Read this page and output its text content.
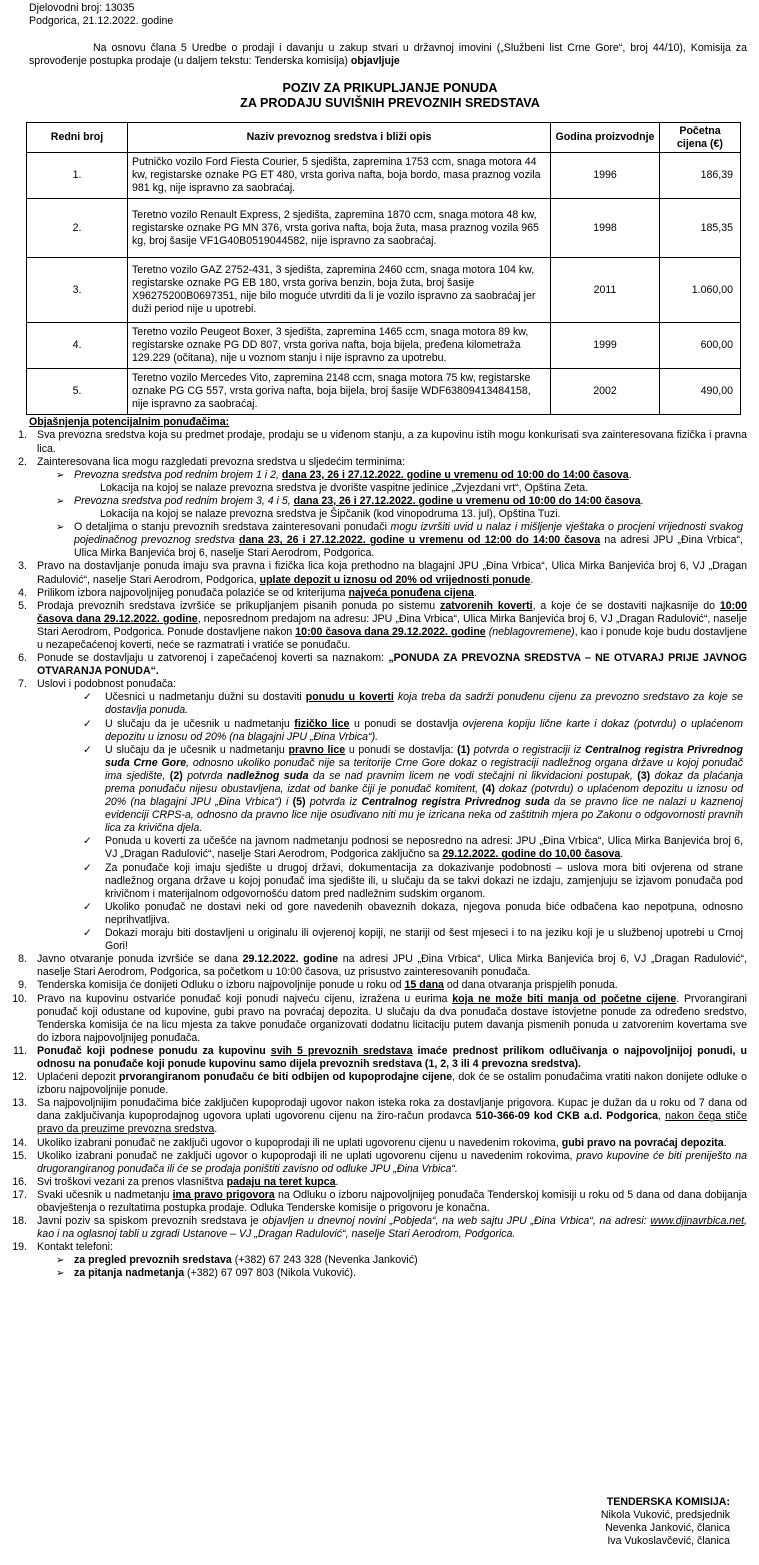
Djelovodni broj: 13035
Podgorica, 21.12.2022. godine
Na osnovu člana 5 Uredbe o prodaji i davanju u zakup stvari u državnoj imovini („Službeni list Crne Gore“, broj 44/10), Komisija za sprovođenje postupka prodaje (u daljem tekstu: Tenderska komisija) objavljuje
POZIV ZA PRIKUPLJANJE PONUDA
ZA PRODAJU SUVIŠNIH PREVOZNIH SREDSTAVA
Redni broj	Naziv prevoznog sredstva i bliži opis	Godina proizvodnje	Početna cijena (€)
1.	Putničko vozilo Ford Fiesta Courier, 5 sjedišta, zapremina 1753 ccm, snaga motora 44 kw, registarske oznake PG ET 480, vrsta goriva nafta, boja bordo, masa praznog vozila 981 kg, nije ispravno za saobraćaj.	1996	186,39
2.	Teretno vozilo Renault Express, 2 sjedišta, zapremina 1870 ccm, snaga motora 48 kw, registarske oznake PG MN 376, vrsta goriva nafta, boja žuta, masa praznog vozila 965 kg, broj šasije VF1G40B0519044582, nije ispravno za saobraćaj.	1998	185,35
3.	Teretno vozilo GAZ 2752-431, 3 sjedišta, zapremina 2460 ccm, snaga motora 104 kw, registarske oznake PG EB 180, vrsta goriva benzin, boja žuta, broj šasije X96275200B0697351, nije bilo moguće utvrditi da li je vozilo ispravno za saobraćaj jer duži period nije u upotrebi.	2011	1.060,00
4.	Teretno vozilo Peugeot Boxer, 3 sjedišta, zapremina 1465 ccm, snaga motora 89 kw, registarske oznake PG DD 807, vrsta goriva nafta, boja bijela, pređena kilometraža 129.229 (očitana), nije u voznom stanju i nije ispravno za upotrebu.	1999	600,00
5.	Teretno vozilo Mercedes Vito, zapremina 2148 ccm, snaga motora 75 kw, registarske oznake PG CG 557, vrsta goriva nafta, boja bijela, broj šasije WDF63809413484158, nije ispravno za saobraćaj.	2002	490,00
Objašnjenja potencijalnim ponuđačima:
1. Sva prevozna sredstva koja su predmet prodaje, prodaju se u viđenom stanju, a za kupovinu istih mogu konkurisati sva zainteresovana fizička i pravna lica.
2. Zainteresovana lica mogu razgledati prevozna sredstva u sljedećim terminima:
➢ Prevozna sredstva pod rednim brojem 1 i 2, dana 23, 26 i 27.12.2022. godine u vremenu od 10:00 do 14:00 časova.
Lokacija na kojoj se nalaze prevozna sredstva je dvorište vaspitne jedinice „Zvjezdani vrt“, Opština Zeta.
➢ Prevozna sredstva pod rednim brojem 3, 4 i 5, dana 23, 26 i 27.12.2022. godine u vremenu od 10:00 do 14:00 časova.
Lokacija na kojoj se nalaze prevozna sredstva je Šipčanik (kod vinopodruma 13. jul), Opština Tuzi.
➢ O detaljima o stanju prevoznih sredstava zainteresovani ponuđači mogu izvršiti uvid u nalaz i mišljenje vještaka o procjeni vrijednosti svakog pojedinačnog prevoznog sredstva dana 23, 26 i 27.12.2022. godine u vremenu od 12:00 do 14:00 časova na adresi JPU „Đina Vrbica“, Ulica Mirka Banjevića broj 6, naselje Stari Aerodrom, Podgorica.
3. Pravo na dostavljanje ponuda imaju sva pravna i fizička lica koja prethodno na blagajni JPU „Đina Vrbica“, Ulica Mirka Banjevića broj 6, VJ „Dragan Radulović“, naselje Stari Aerodrom, Podgorica, uplate depozit u iznosu od 20% od vrijednosti ponude.
4. Prilikom izbora najpovoljnijeg ponuđača polaziće se od kriterijuma najveća ponuđena cijena.
5. Prodaja prevoznih sredstava izvršiće se prikupljanjem pisanih ponuda po sistemu zatvorenih koverti, a koje će se dostaviti najkasnije do 10:00 časova dana 29.12.2022. godine, neposrednom predajom na adresu: JPU „Đina Vrbica“, Ulica Mirka Banjevića broj 6, VJ „Dragan Radulović“, naselje Stari Aerodrom, Podgorica. Ponude dostavljene nakon 10:00 časova dana 29.12.2022. godine (neblagovremene), kao i ponude koje budu dostavljene u nezapečaćenoj koverti, neće se razmatrati i vratiće se ponuđaču.
6. Ponude se dostavljaju u zatvorenoj i zapečaćenoj koverti sa naznakom: „PONUDA ZA PREVOZNA SREDSTVA – NE OTVARAJ PRIJE JAVNOG OTVARANJA PONUDA“.
7. Uslovi i podobnost ponuđača:
✓	Učesnici u nadmetanju dužni su dostaviti ponudu u koverti koja treba da sadrži ponuđenu cijenu za prevozno sredstavo za koje se dostavlja ponuda.
✓	U slučaju da je učesnik u nadmetanju fizičko lice u ponudi se dostavlja ovjerena kopiju lične karte i dokaz (potvrdu) o uplaćenom depozitu u iznosu od 20% (na blagajni JPU „Đina Vrbica“).
✓	U slučaju da je učesnik u nadmetanju pravno lice u ponudi se dostavlja: (1) potvrda o registraciji iz Centralnog registra Privrednog suda Crne Gore, odnosno ukoliko ponuđač nije sa teritorije Crne Gore dokaz o registraciji nadležnog organa države u kojoj ponuđač ima sjedište, (2) potvrda nadležnog suda da se nad pravnim licem ne vodi stečajni ni likvidacioni postupak, (3) dokaz da plaćanja prema ponuđaču nijesu obustavljena, izdat od banke čiji je ponuđač komitent, (4) dokaz (potvrdu) o uplaćenom depozitu u iznosu od 20% (na blagajni JPU „Đina Vrbica“) i (5) potvrda iz Centralnog registra Privrednog suda da se pravno lice ne nalazi u kaznenoj evidenciji CRPS-a, odnosno da pravno lice nije osuđivano niti mu je izricana neka od zaštitnih mjera po Zakonu o odgovornosti pravnih lica za krivična djela.
✓	Ponuda u koverti za učešće na javnom nadmetanju podnosi se neposredno na adresi: JPU „Đina Vrbica“, Ulica Mirka Banjevića broj 6, VJ „Dragan Radulović“, naselje Stari Aerodrom, Podgorica zaključno sa 29.12.2022. godine do 10,00 časova.
✓	Za ponuđače koji imaju sjedište u drugoj državi, dokumentacija za dokazivanje podobnosti – uslova mora biti ovjerena od strane nadležnog organa države u kojoj ponuđač ima sjedište ili, u slučaju da se takvi dokazi ne izdaju, zamjenjuju se izjavom ponuđača pod krivičnom i materijalnom odgovornošću datom pred nadležnim sudskim organom.
✓	Ukoliko ponuđač ne dostavi neki od gore navedenih obaveznih dokaza, njegova ponuda biće odbačena kao nepotpuna, odnosno neprihvatljiva.
✓	Dokazi moraju biti dostavljeni u originalu ili ovjerenoj kopiji, ne stariji od šest mjeseci i to na jeziku koji je u službenoj upotrebi u Crnoj Gori!
8. Javno otvaranje ponuda izvršiće se dana 29.12.2022. godine na adresi JPU „Đina Vrbica“, Ulica Mirka Banjevića broj 6, VJ „Dragan Radulović“, naselje Stari Aerodrom, Podgorica, sa početkom u 10:00 časova, uz prisustvo zainteresovanih ponuđača.
9. Tenderska komisija će donijeti Odluku o izboru najpovoljnije ponude u roku od 15 dana od dana otvaranja prispjelih ponuda.
10. Pravo na kupovinu ostvariće ponuđač koji ponudi najveću cijenu, izražena u eurima koja ne može biti manja od početne cijene. Prvorangirani ponuđač koji odustane od kupovine, gubi pravo na povraćaj depozita. U slučaju da dva ponuđača dostave istovjetne ponude za određeno sredstvo, Tenderska komisija će na licu mjesta za takve ponuđače organizovati dodatnu licitaciju putem davanja pismenih ponuda u zatvorenim kovertama sve do izbora najpovoljnijeg ponuđača.
11. Ponuđač koji podnese ponudu za kupovinu svih 5 prevoznih sredstava imaće prednost prilikom odlučivanja o najpovoljnijoj ponudi, u odnosu na ponuđače koji ponude kupovinu samo dijela prevoznih sredstava (1, 2, 3 ili 4 prevozna sredstva).
12. Uplaćeni depozit prvorangiranom ponuđaču će biti odbijen od kupoprodajne cijene, dok će se ostalim ponuđačima vratiti nakon donijete odluke o izboru najpovoljnije ponude.
13. Sa najpovoljnijim ponuđačima biće zaključen kupoprodaji ugovor nakon isteka roka za dostavljanje prigovora. Kupac je dužan da u roku od 7 dana od dana zaključivanja kupoprodajnog ugovora uplati ugovorenu cijenu na žiro-račun prodavca 510-366-09 kod CKB a.d. Podgorica, nakon čega stiče pravo da preuzime prevozna sredstva.
14. Ukoliko izabrani ponuđač ne zaključi ugovor o kupoprodaji ili ne uplati ugovorenu cijenu u navedenim rokovima, gubi pravo na povraćaj depozita.
15. Ukoliko izabrani ponuđač ne zaključi ugovor o kupoprodaji ili ne uplati ugovorenu cijenu u navedenim rokovima, pravo kupovine će biti preniješto na drugorangiranog ponuđača ili će se prodaja poništiti zavisno od odluke JPU „Đina Vrbica“.
16. Svi troškovi vezani za prenos vlasništva padaju na teret kupca.
17. Svaki učesnik u nadmetanju ima pravo prigovora na Odluku o izboru najpovoljnijeg ponuđača Tenderskoj komisiji u roku od 5 dana od dana dobijanja obavještenja o rezultatima postupka prodaje. Odluka Tenderske komisije o prigovoru je konačna.
18. Javni poziv sa spiskom prevoznih sredstava je objavljen u dnevnoj novini „Pobjeda“, na web sajtu JPU „Đina Vrbica“, na adresi: www.djinavrbica.net, kao i na oglasnoj tabli u zgradi Ustanove – VJ „Dragan Radulović“, naselje Stari Aerodrom, Podgorica.
19. Kontakt telefoni:
➢ za pregled prevoznih sredstava (+382) 67 243 328 (Nevenka Janković)
➢ za pitanja nadmetanja (+382) 67 097 803 (Nikola Vuković).
TENDERSKA KOMISIJA:
Nikola Vuković, predsjednik
Nevenka Janković, članica
Iva Vukoslavčević, članica
